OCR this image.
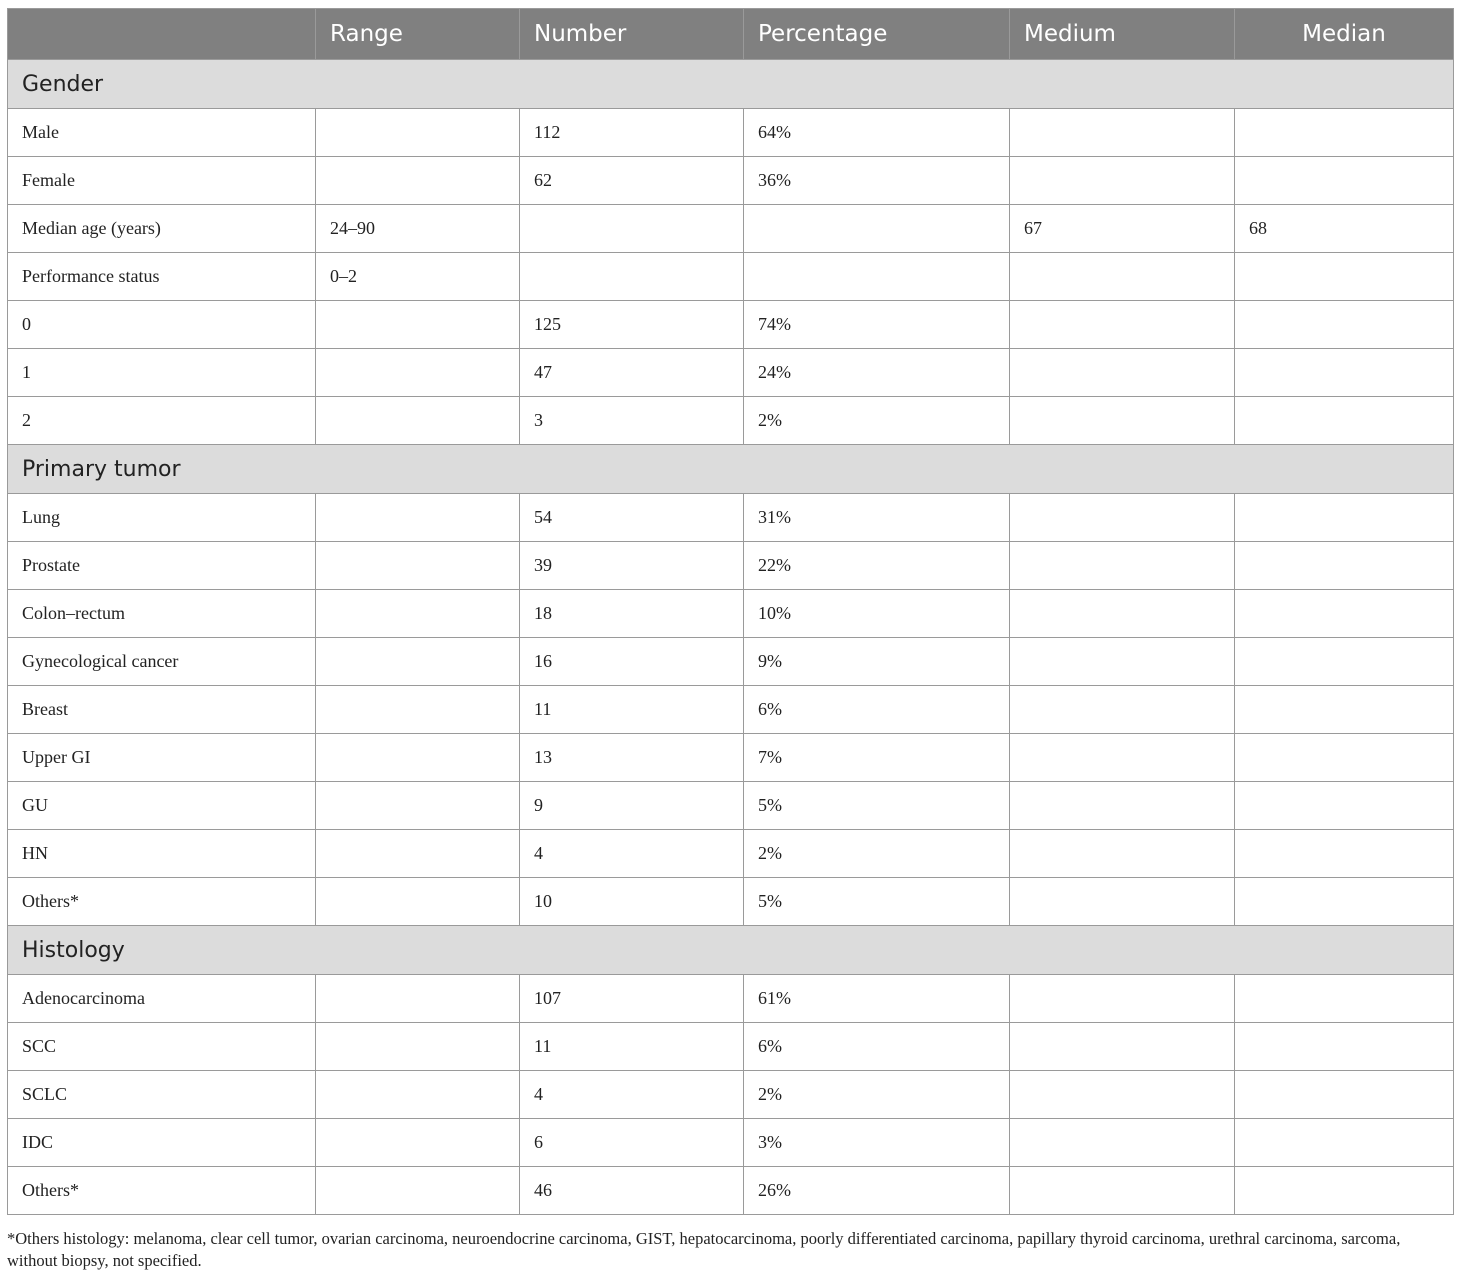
	Range	Number	Percentage	Medium	Median
Gender					
Male		112	64%		
Female		62	36%		
Median age (years)	24–90			67	68
Performance status	0–2				
0		125	74%		
1		47	24%		
2		3	2%		
Primary tumor					
Lung		54	31%		
Prostate		39	22%		
Colon–rectum		18	10%		
Gynecological cancer		16	9%		
Breast		11	6%		
Upper GI		13	7%		
GU		9	5%		
HN		4	2%		
Others*		10	5%		
Histology					
Adenocarcinoma		107	61%		
SCC		11	6%		
SCLC		4	2%		
IDC		6	3%		
Others*		46	26%		
*Others histology: melanoma, clear cell tumor, ovarian carcinoma, neuroendocrine carcinoma, GIST, hepatocarcinoma, poorly differentiated carcinoma, papillary thyroid carcinoma, urethral carcinoma, sarcoma, without biopsy, not specified.
